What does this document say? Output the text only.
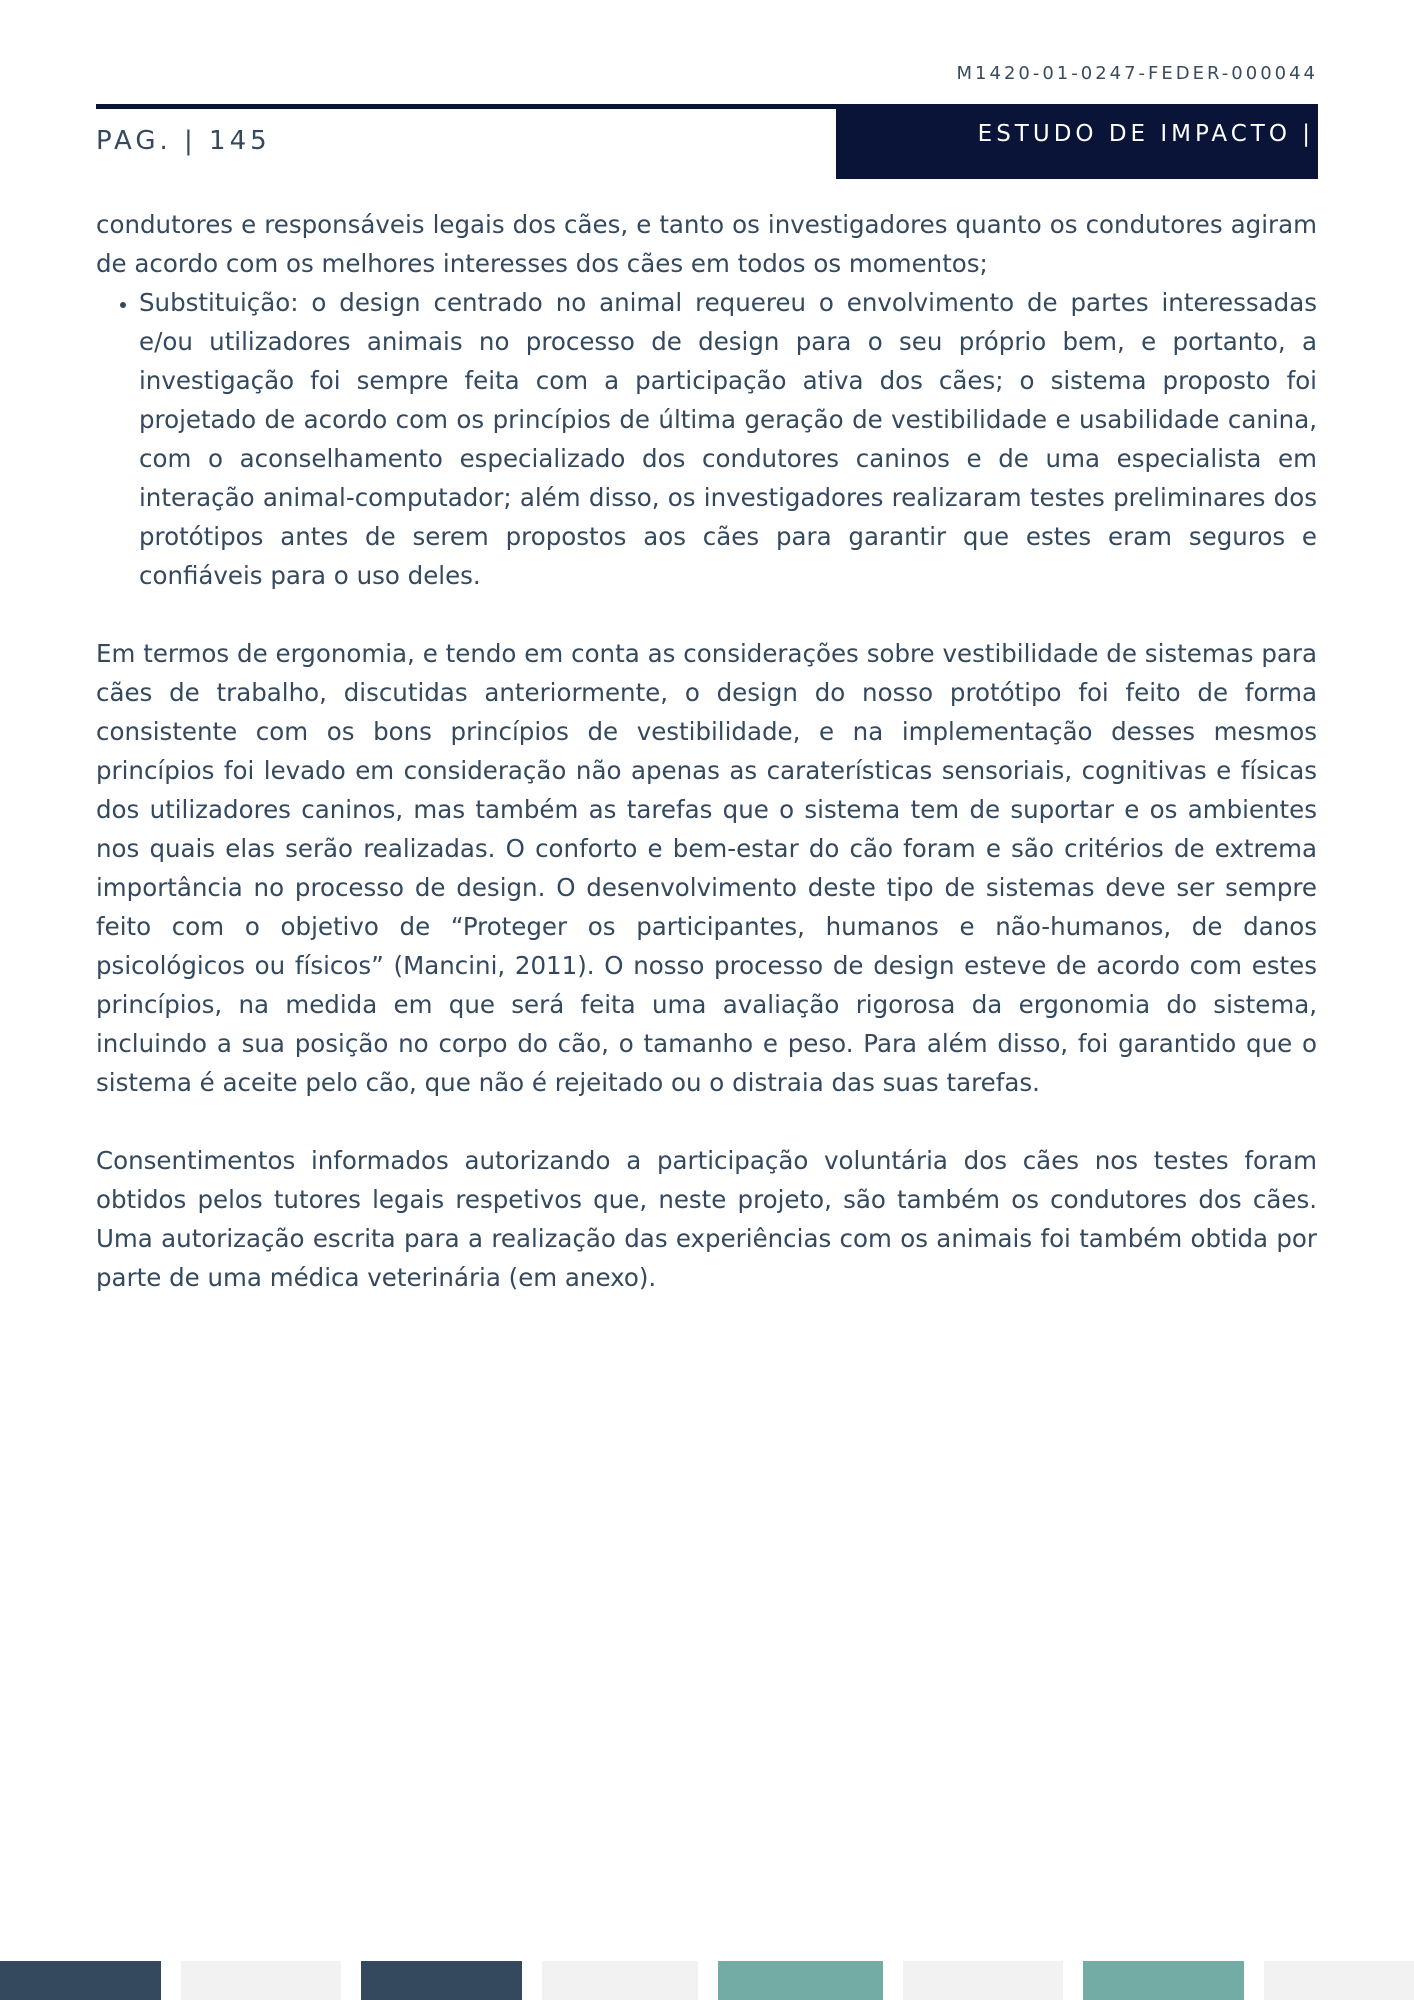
M1420-01-0247-FEDER-000044
PAG. | 145	ESTUDO DE IMPACTO |

condutores e responsáveis legais dos cães, e tanto os investigadores quanto os condutores agiram de acordo com os melhores interesses dos cães em todos os momentos;

• Substituição: o design centrado no animal requereu o envolvimento de partes interessadas e/ou utilizadores animais no processo de design para o seu próprio bem, e portanto, a investigação foi sempre feita com a participação ativa dos cães; o sistema proposto foi projetado de acordo com os princípios de última geração de vestibilidade e usabilidade canina, com o aconselhamento especializado dos condutores caninos e de uma especialista em interação animal-computador; além disso, os investigadores realizaram testes preliminares dos protótipos antes de serem propostos aos cães para garantir que estes eram seguros e confiáveis para o uso deles.

Em termos de ergonomia, e tendo em conta as considerações sobre vestibilidade de sistemas para cães de trabalho, discutidas anteriormente, o design do nosso protótipo foi feito de forma consistente com os bons princípios de vestibilidade, e na implementação desses mesmos princípios foi levado em consideração não apenas as caraterísticas sensoriais, cognitivas e físicas dos utilizadores caninos, mas também as tarefas que o sistema tem de suportar e os ambientes nos quais elas serão realizadas. O conforto e bem-estar do cão foram e são critérios de extrema importância no processo de design. O desenvolvimento deste tipo de sistemas deve ser sempre feito com o objetivo de “Proteger os participantes, humanos e não-humanos, de danos psicológicos ou físicos” (Mancini, 2011). O nosso processo de design esteve de acordo com estes princípios, na medida em que será feita uma avaliação rigorosa da ergonomia do sistema, incluindo a sua posição no corpo do cão, o tamanho e peso. Para além disso, foi garantido que o sistema é aceite pelo cão, que não é rejeitado ou o distraia das suas tarefas.

Consentimentos informados autorizando a participação voluntária dos cães nos testes foram obtidos pelos tutores legais respetivos que, neste projeto, são também os condutores dos cães. Uma autorização escrita para a realização das experiências com os animais foi também obtida por parte de uma médica veterinária (em anexo).
